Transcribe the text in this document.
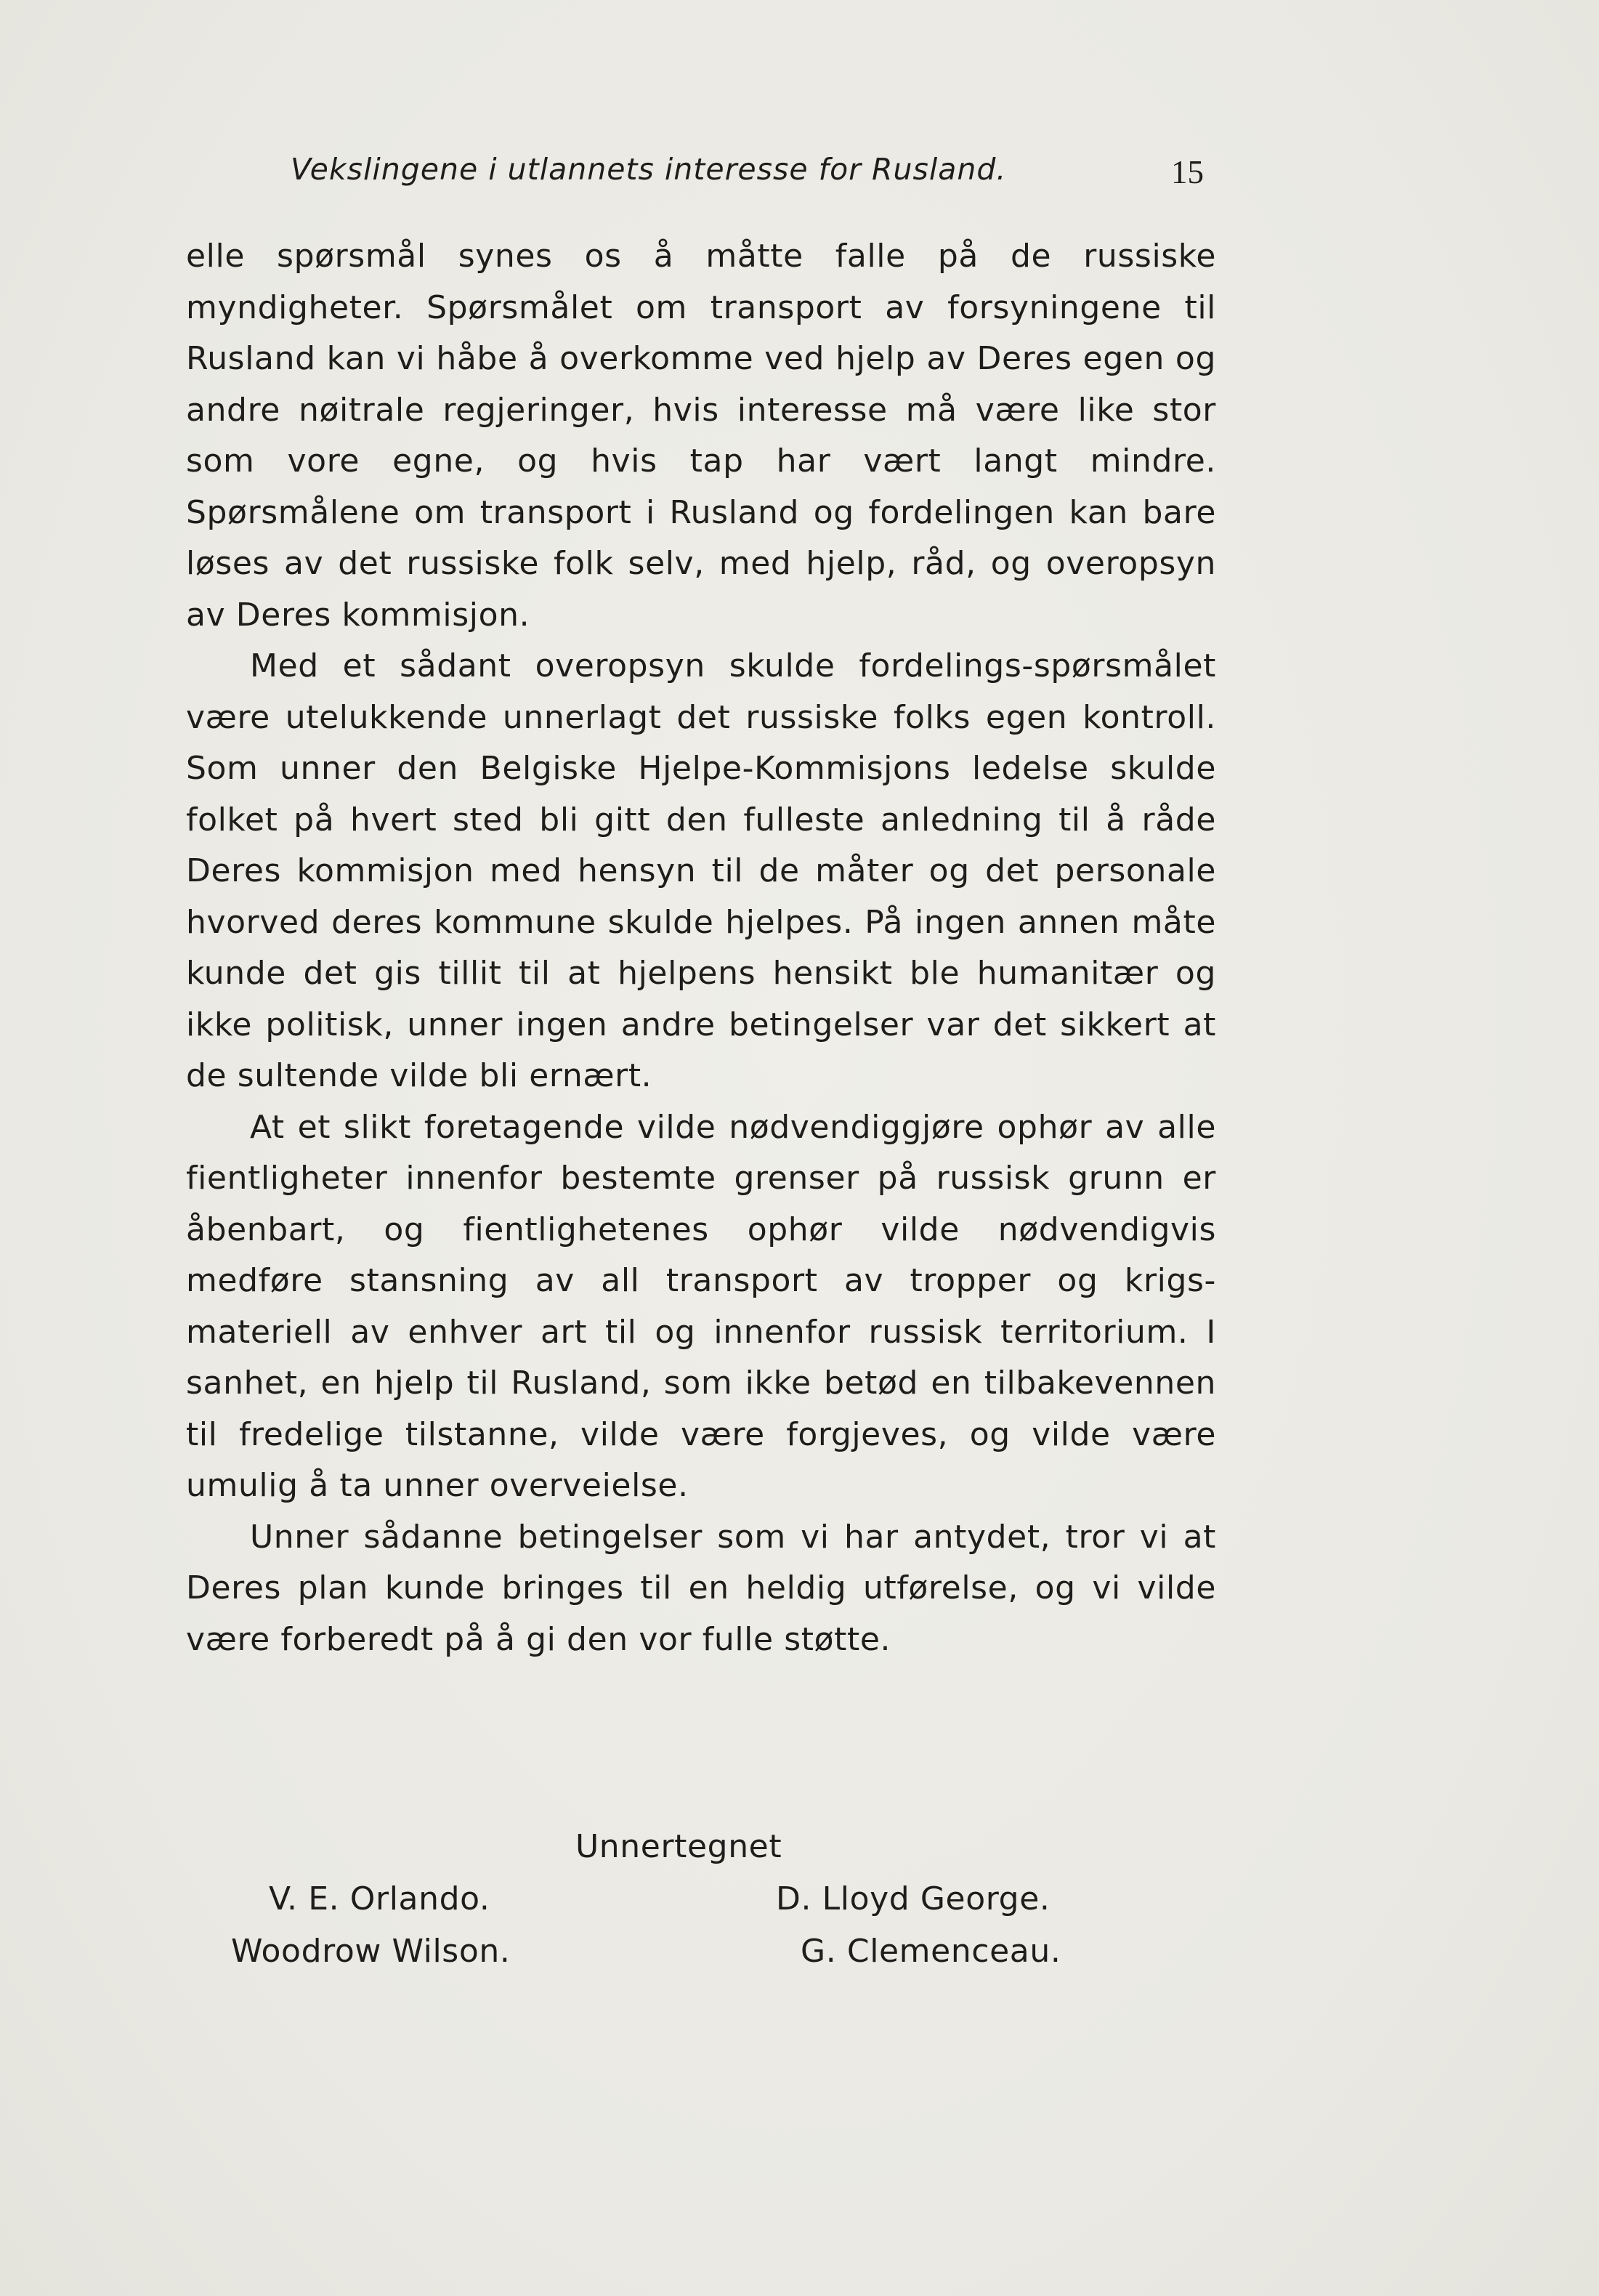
Vekslingene i utlannets interesse for Rusland.	15

elle spørsmål synes os å måtte falle på de russiske myndigheter. Spørsmålet om transport av forsyningene til Rusland kan vi håbe å overkomme ved hjelp av Deres egen og andre nøitrale regjeringer, hvis interesse må være like stor som vore egne, og hvis tap har vært langt mindre. Spørsmålene om transport i Rusland og fordelingen kan bare løses av det russiske folk selv, med hjelp, råd, og overopsyn av Deres kommisjon.

Med et sådant overopsyn skulde fordelings-spørsmålet være utelukkende unnerlagt det russiske folks egen kontroll. Som unner den Belgiske Hjelpe-Kommisjons ledelse skulde folket på hvert sted bli gitt den fulleste anledning til å råde Deres kommisjon med hensyn til de måter og det personale hvorved deres kommune skulde hjelpes. På ingen annen måte kunde det gis tillit til at hjelpens hensikt ble humanitær og ikke politisk, unner ingen andre betingelser var det sikkert at de sultende vilde bli ernært.

At et slikt foretagende vilde nødvendiggjøre ophør av alle fientligheter innenfor bestemte grenser på russisk grunn er åbenbart, og fientlighetenes ophør vilde nødvendigvis medføre stansning av all transport av tropper og krigs-materiell av enhver art til og innenfor russisk territorium. I sanhet, en hjelp til Rusland, som ikke betød en tilbakevennen til fredelige tilstanne, vilde være forgjeves, og vilde være umulig å ta unner overveielse.

Unner sådanne betingelser som vi har antydet, tror vi at Deres plan kunde bringes til en heldig utførelse, og vi vilde være forberedt på å gi den vor fulle støtte.

Unnertegnet
V. E. Orlando.	D. Lloyd George.
Woodrow Wilson.	G. Clemenceau.
